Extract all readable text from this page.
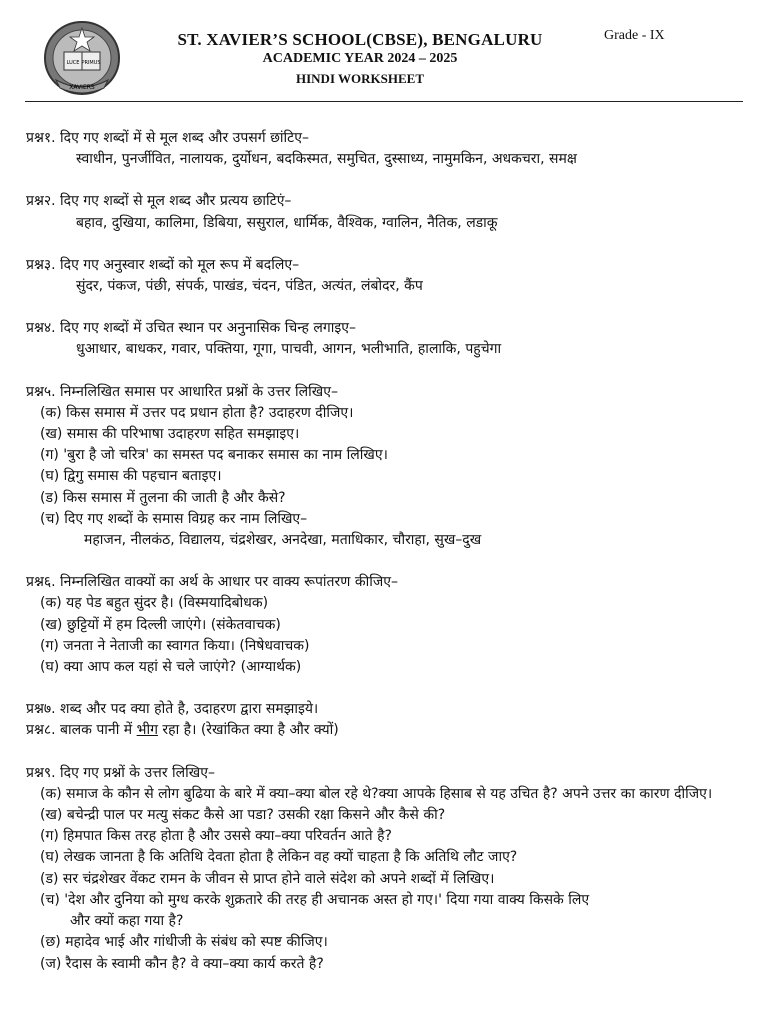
LUCE PRIMUS
XAVIERS
ST. XAVIER’S SCHOOL(CBSE), BENGALURU
ACADEMIC YEAR 2024 – 2025
HINDI WORKSHEET
Grade - IX
प्रश्न१. दिए गए शब्दों में से मूल शब्द और उपसर्ग छांटिए–
स्वाधीन, पुनर्जीवित, नालायक, दुर्योधन, बदकिस्मत, समुचित, दुस्साध्य, नामुमकिन, अधकचरा, समक्ष
प्रश्न२. दिए गए शब्दों से मूल शब्द और प्रत्यय छाटिएं–
बहाव, दुखिया, कालिमा, डिबिया, ससुराल, धार्मिक, वैश्विक, ग्वालिन, नैतिक, लडाकू
प्रश्न३. दिए गए अनुस्वार शब्दों को मूल रूप में बदलिए–
सुंदर, पंकज, पंछी, संपर्क, पाखंड, चंदन, पंडित, अत्यंत, लंबोदर, कैंप
प्रश्न४. दिए गए शब्दों में उचित स्थान पर अनुनासिक चिन्ह लगाइए–
धुआधार, बाधकर, गवार, पक्तिया, गूगा, पाचवी, आगन, भलीभाति, हालाकि, पहुचेगा
प्रश्न५. निम्नलिखित समास पर आधारित प्रश्नों के उत्तर लिखिए–
(क) किस समास में उत्तर पद प्रधान होता है? उदाहरण दीजिए।
(ख) समास की परिभाषा उदाहरण सहित समझाइए।
(ग) 'बुरा है जो चरित्र' का समस्त पद बनाकर समास का नाम लिखिए।
(घ) द्विगु समास की पहचान बताइए।
(ड) किस समास में तुलना की जाती है और कैसे?
(च) दिए गए शब्दों के समास विग्रह कर नाम लिखिए–
महाजन, नीलकंठ, विद्यालय, चंद्रशेखर, अनदेखा, मताधिकार, चौराहा, सुख–दुख
प्रश्न६. निम्नलिखित वाक्यों का अर्थ के आधार पर वाक्य रूपांतरण कीजिए–
(क) यह पेड बहुत सुंदर है। (विस्मयादिबोधक)
(ख) छुट्टियों में हम दिल्ली जाएंगे। (संकेतवाचक)
(ग) जनता ने नेताजी का स्वागत किया। (निषेधवाचक)
(घ) क्या आप कल यहां से चले जाएंगे? (आग्यार्थक)
प्रश्न७. शब्द और पद क्या होते है, उदाहरण द्वारा समझाइये।
प्रश्न८. बालक पानी में भीग रहा है। (रेखांकित क्या है और क्यों)
प्रश्न९. दिए गए प्रश्नों के उत्तर लिखिए–
(क) समाज के कौन से लोग बुढिया के बारे में क्या–क्या बोल रहे थे?क्या आपके हिसाब से यह उचित है? अपने उत्तर का कारण दीजिए।
(ख) बचेन्द्री पाल पर मत्यु संकट कैसे आ पडा? उसकी रक्षा किसने और कैसे की?
(ग) हिमपात किस तरह होता है और उससे क्या–क्या परिवर्तन आते है?
(घ) लेखक जानता है कि अतिथि देवता होता है लेकिन वह क्यों चाहता है कि अतिथि लौट जाए?
(ड) सर चंद्रशेखर वेंकट रामन के जीवन से प्राप्त होने वाले संदेश को अपने शब्दों में लिखिए।
(च) 'देश और दुनिया को मुग्ध करके शुक्रतारे की तरह ही अचानक अस्त हो गए।' दिया गया वाक्य किसके लिए
और क्यों कहा गया है?
(छ) महादेव भाई और गांधीजी के संबंध को स्पष्ट कीजिए।
(ज) रैदास के स्वामी कौन है? वे क्या–क्या कार्य करते है?
